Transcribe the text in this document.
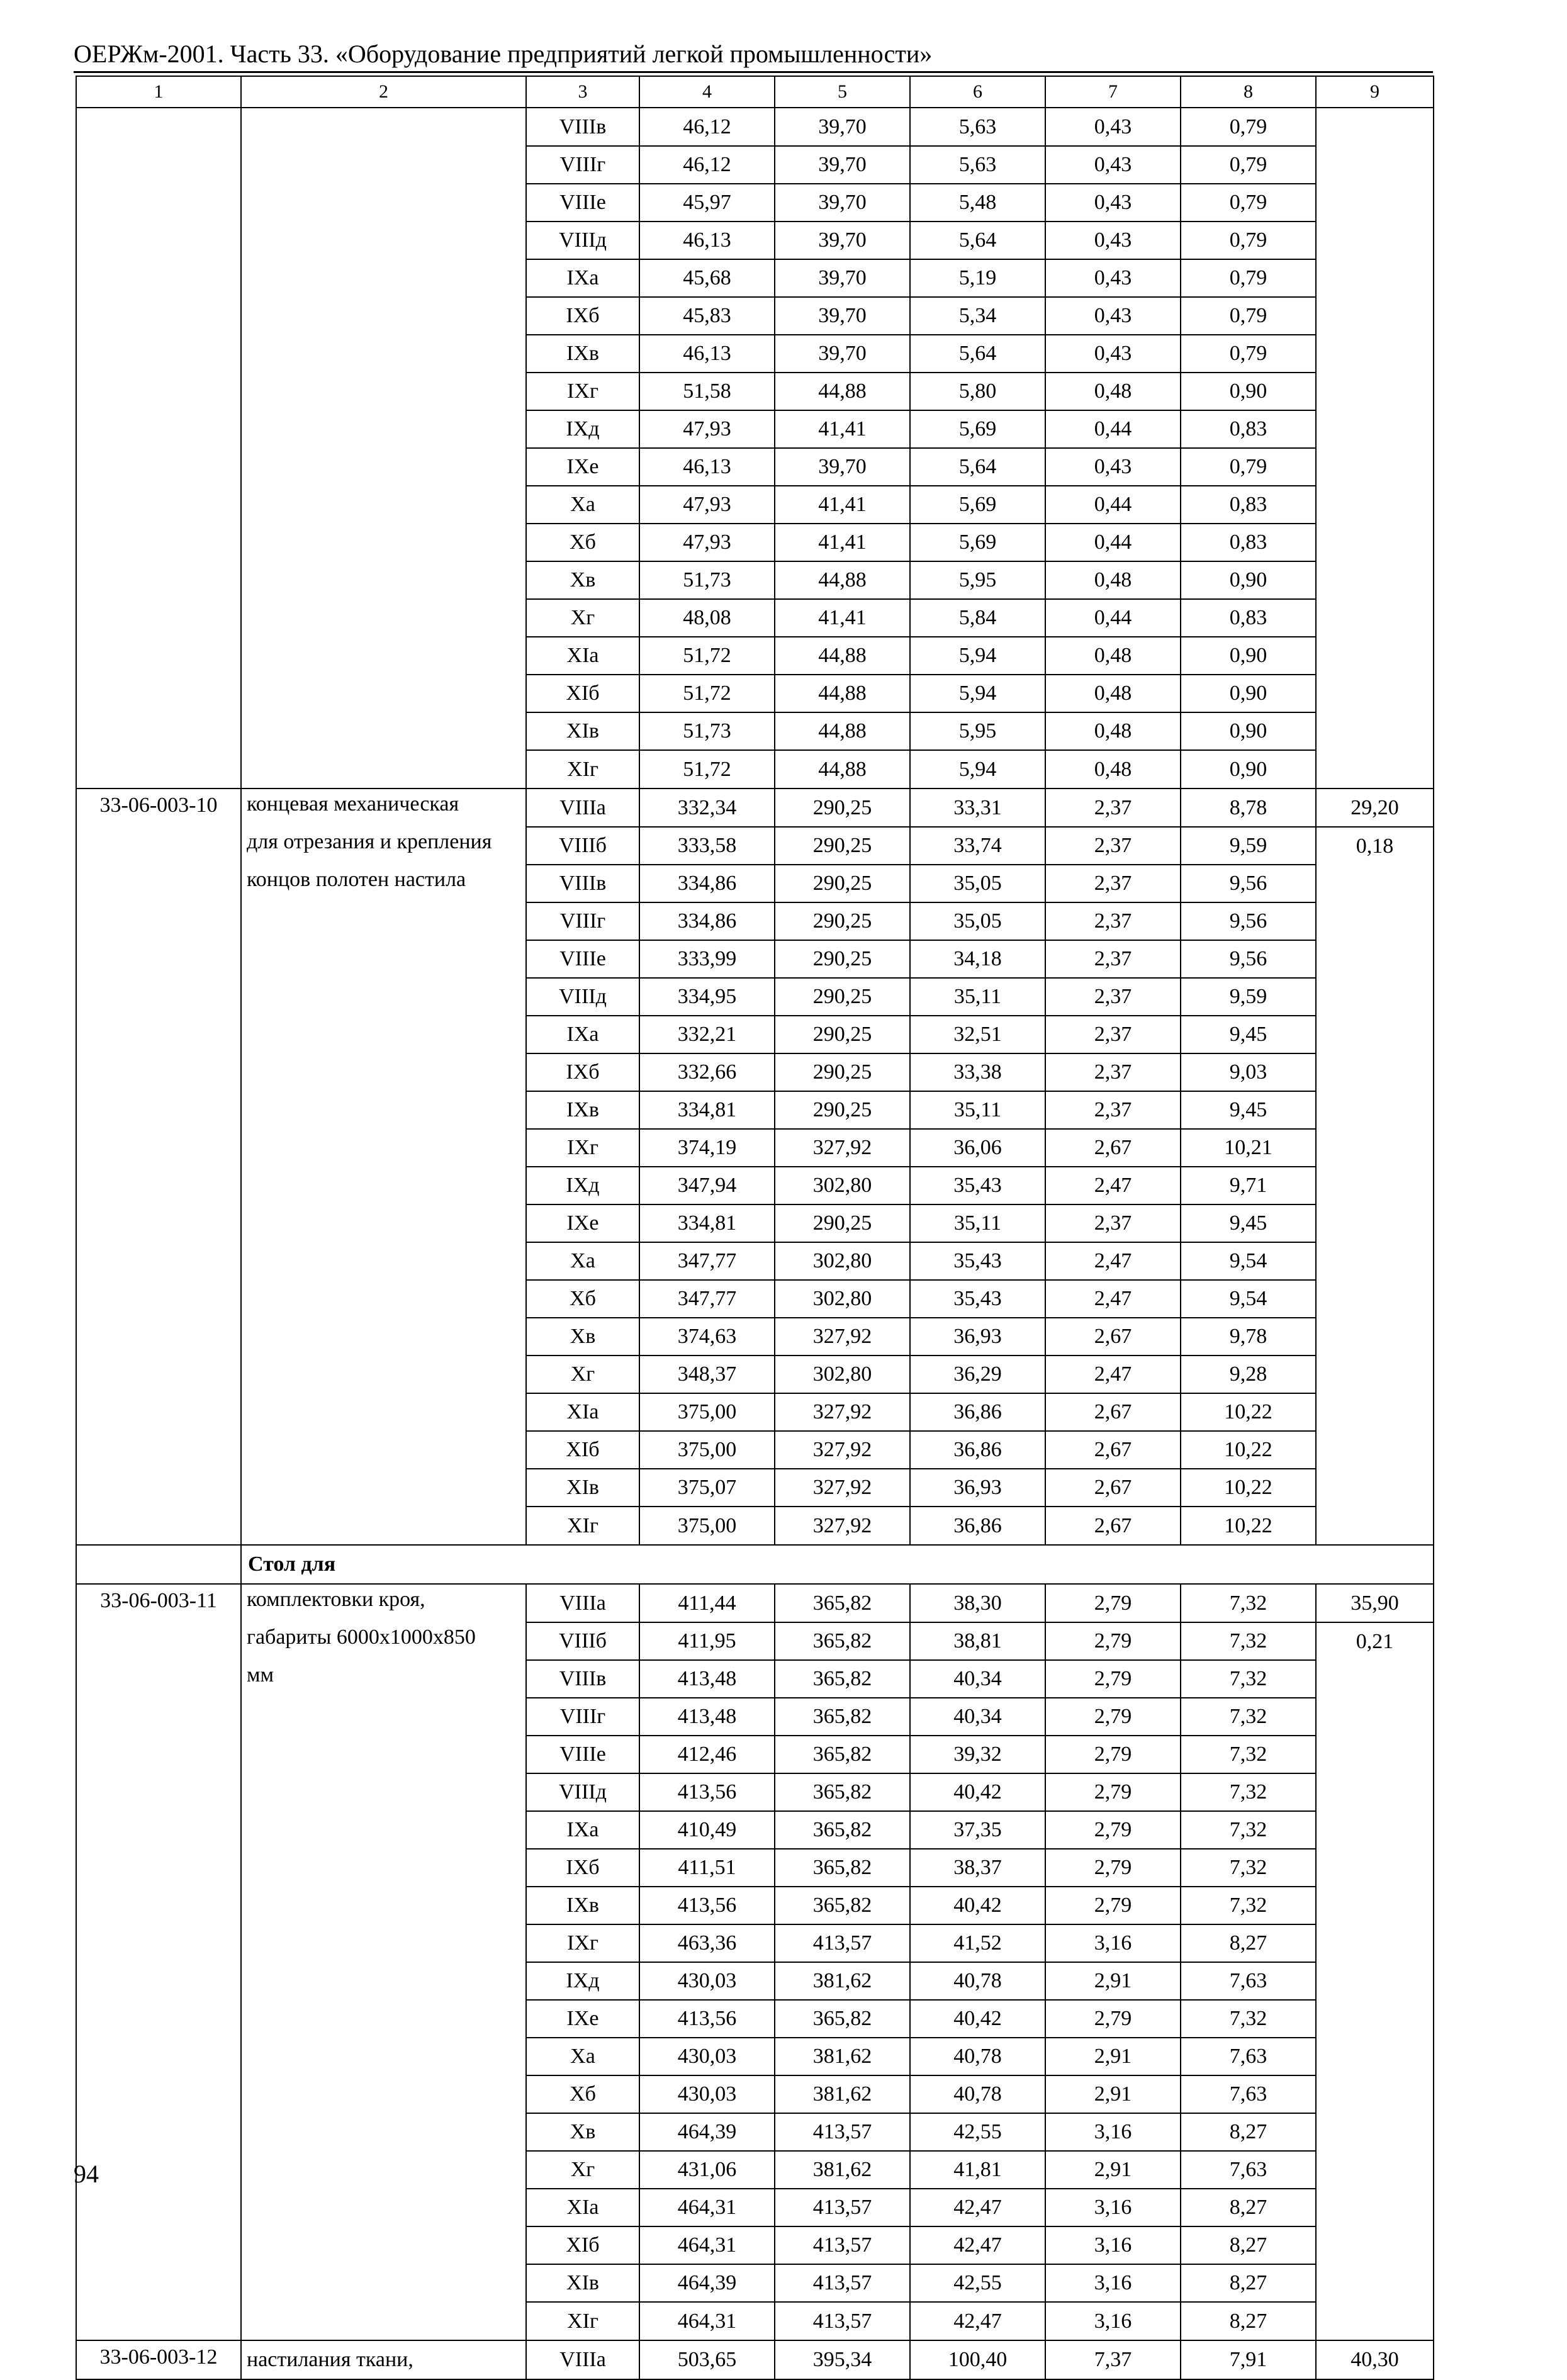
ОЕРЖм-2001. Часть 33. «Оборудование предприятий легкой промышленности»
1	2	3	4	5	6	7	8	9
		VIIIв	46,12	39,70	5,63	0,43	0,79	
		VIIIг	46,12	39,70	5,63	0,43	0,79	
		VIIIe	45,97	39,70	5,48	0,43	0,79	
		VIIIд	46,13	39,70	5,64	0,43	0,79	
		IXa	45,68	39,70	5,19	0,43	0,79	
		IXб	45,83	39,70	5,34	0,43	0,79	
		IXв	46,13	39,70	5,64	0,43	0,79	
		IXг	51,58	44,88	5,80	0,48	0,90	
		IXд	47,93	41,41	5,69	0,44	0,83	
		IXe	46,13	39,70	5,64	0,43	0,79	
		Xa	47,93	41,41	5,69	0,44	0,83	
		Xб	47,93	41,41	5,69	0,44	0,83	
		Xв	51,73	44,88	5,95	0,48	0,90	
		Xг	48,08	41,41	5,84	0,44	0,83	
		XIa	51,72	44,88	5,94	0,48	0,90	
		XIб	51,72	44,88	5,94	0,48	0,90	
		XIв	51,73	44,88	5,95	0,48	0,90	
		XIг	51,72	44,88	5,94	0,48	0,90	
33-06-003-10	концевая механическая	VIIIa	332,34	290,25	33,31	2,37	8,78	29,20
	для отрезания и крепления	VIIIб	333,58	290,25	33,74	2,37	9,59	0,18
	концов полотен настила	VIIIв	334,86	290,25	35,05	2,37	9,56	
		VIIIг	334,86	290,25	35,05	2,37	9,56	
		VIIIe	333,99	290,25	34,18	2,37	9,56	
		VIIIд	334,95	290,25	35,11	2,37	9,59	
		IXa	332,21	290,25	32,51	2,37	9,45	
		IXб	332,66	290,25	33,38	2,37	9,03	
		IXв	334,81	290,25	35,11	2,37	9,45	
		IXг	374,19	327,92	36,06	2,67	10,21	
		IXд	347,94	302,80	35,43	2,47	9,71	
		IXe	334,81	290,25	35,11	2,37	9,45	
		Xa	347,77	302,80	35,43	2,47	9,54	
		Xб	347,77	302,80	35,43	2,47	9,54	
		Xв	374,63	327,92	36,93	2,67	9,78	
		Xг	348,37	302,80	36,29	2,47	9,28	
		XIa	375,00	327,92	36,86	2,67	10,22	
		XIб	375,00	327,92	36,86	2,67	10,22	
		XIв	375,07	327,92	36,93	2,67	10,22	
		XIг	375,00	327,92	36,86	2,67	10,22	
	Стол для							
33-06-003-11	комплектовки кроя,	VIIIa	411,44	365,82	38,30	2,79	7,32	35,90
	габариты 6000x1000x850	VIIIб	411,95	365,82	38,81	2,79	7,32	0,21
	мм	VIIIв	413,48	365,82	40,34	2,79	7,32	
		VIIIг	413,48	365,82	40,34	2,79	7,32	
		VIIIe	412,46	365,82	39,32	2,79	7,32	
		VIIIд	413,56	365,82	40,42	2,79	7,32	
		IXa	410,49	365,82	37,35	2,79	7,32	
		IXб	411,51	365,82	38,37	2,79	7,32	
		IXв	413,56	365,82	40,42	2,79	7,32	
		IXг	463,36	413,57	41,52	3,16	8,27	
		IXд	430,03	381,62	40,78	2,91	7,63	
		IXe	413,56	365,82	40,42	2,79	7,32	
		Xa	430,03	381,62	40,78	2,91	7,63	
		Xб	430,03	381,62	40,78	2,91	7,63	
		Xв	464,39	413,57	42,55	3,16	8,27	
		Xг	431,06	381,62	41,81	2,91	7,63	
		XIa	464,31	413,57	42,47	3,16	8,27	
		XIб	464,31	413,57	42,47	3,16	8,27	
		XIв	464,39	413,57	42,55	3,16	8,27	
		XIг	464,31	413,57	42,47	3,16	8,27	
33-06-003-12	настилания ткани,	VIIIa	503,65	395,34	100,40	7,37	7,91	40,30
94
